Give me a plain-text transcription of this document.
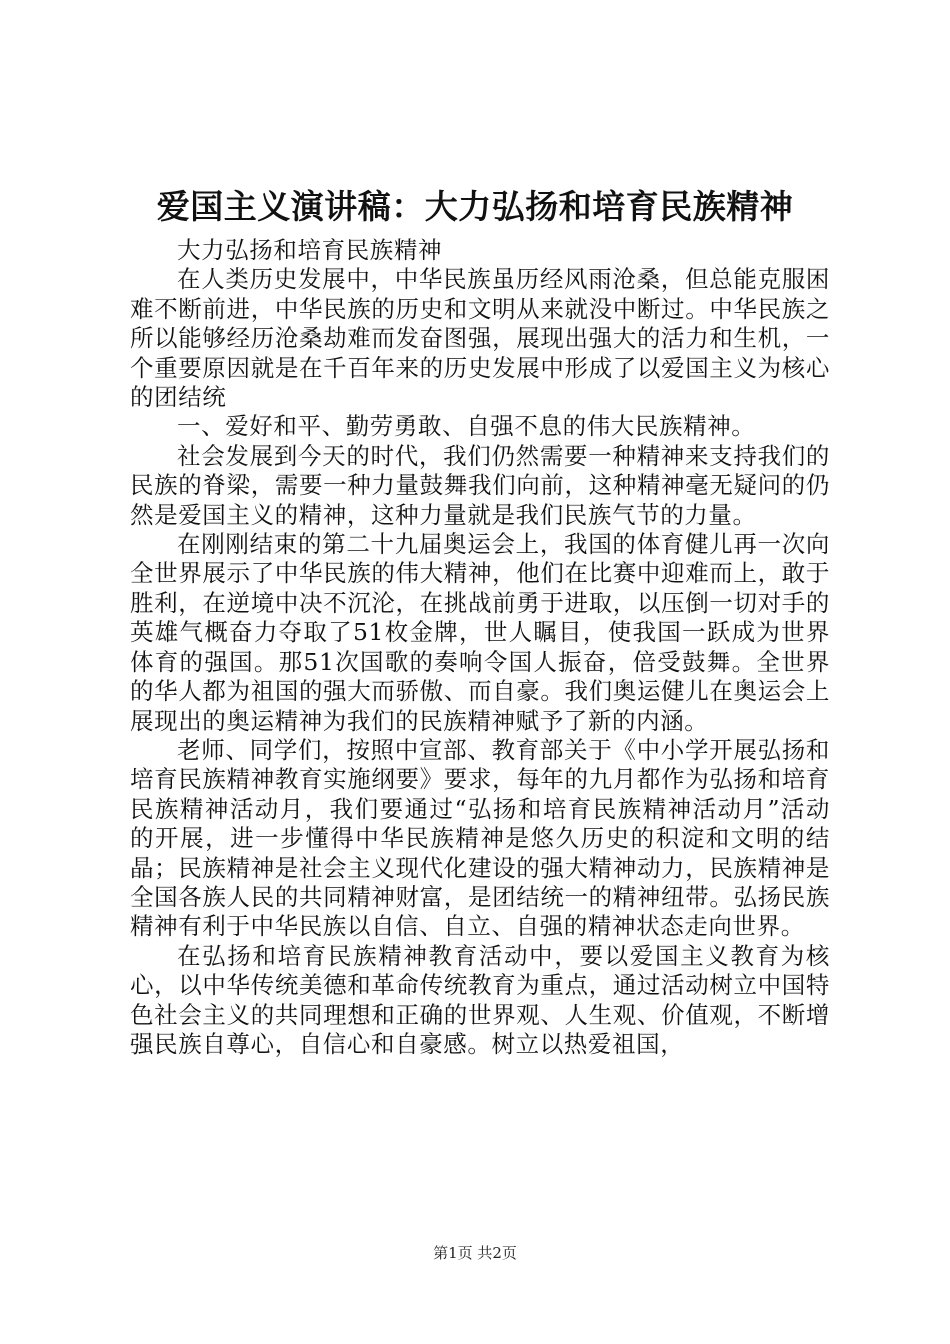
爱国主义演讲稿：大力弘扬和培育民族精神

大力弘扬和培育民族精神

在人类历史发展中，中华民族虽历经风雨沧桑，但总能克服困难不断前进，中华民族的历史和文明从来就没中断过。中华民族之所以能够经历沧桑劫难而发奋图强，展现出强大的活力和生机，一个重要原因就是在千百年来的历史发展中形成了以爱国主义为核心的团结统

一、爱好和平、勤劳勇敢、自强不息的伟大民族精神。

社会发展到今天的时代，我们仍然需要一种精神来支持我们的民族的脊梁，需要一种力量鼓舞我们向前，这种精神毫无疑问的仍然是爱国主义的精神，这种力量就是我们民族气节的力量。

在刚刚结束的第二十九届奥运会上，我国的体育健儿再一次向全世界展示了中华民族的伟大精神，他们在比赛中迎难而上，敢于胜利，在逆境中决不沉沦，在挑战前勇于进取，以压倒一切对手的英雄气概奋力夺取了51枚金牌，世人瞩目，使我国一跃成为世界体育的强国。那51次国歌的奏响令国人振奋，倍受鼓舞。全世界的华人都为祖国的强大而骄傲、而自豪。我们奥运健儿在奥运会上展现出的奥运精神为我们的民族精神赋予了新的内涵。

老师、同学们，按照中宣部、教育部关于《中小学开展弘扬和培育民族精神教育实施纲要》要求，每年的九月都作为弘扬和培育民族精神活动月，我们要通过“弘扬和培育民族精神活动月”活动的开展，进一步懂得中华民族精神是悠久历史的积淀和文明的结晶；民族精神是社会主义现代化建设的强大精神动力，民族精神是全国各族人民的共同精神财富，是团结统一的精神纽带。弘扬民族精神有利于中华民族以自信、自立、自强的精神状态走向世界。

在弘扬和培育民族精神教育活动中，要以爱国主义教育为核心，以中华传统美德和革命传统教育为重点，通过活动树立中国特色社会主义的共同理想和正确的世界观、人生观、价值观，不断增强民族自尊心，自信心和自豪感。树立以热爱祖国，

第1页 共2页
